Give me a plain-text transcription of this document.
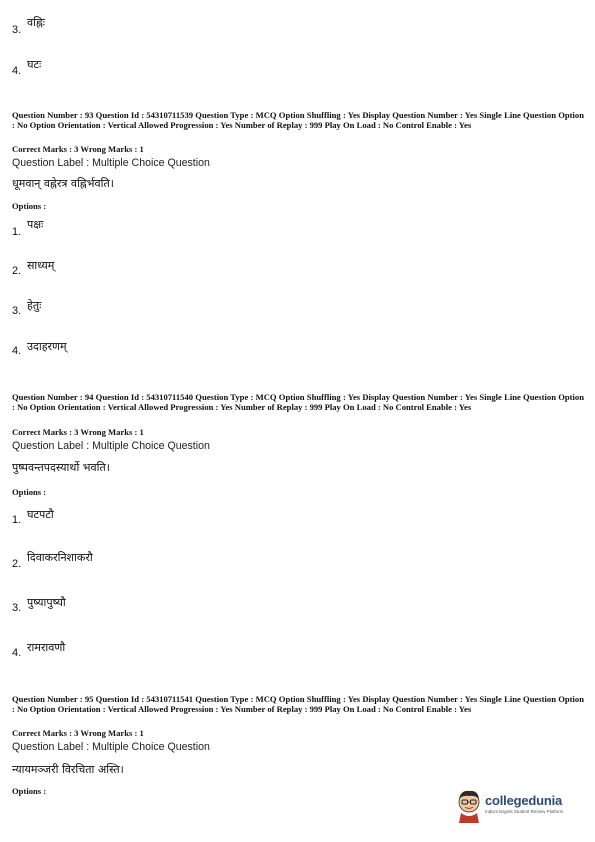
3.
वह्निः
4. घटः
Question Number : 93 Question Id : 54310711539 Question Type : MCQ Option Shuffling : Yes Display Question Number : Yes Single Line Question Option : No Option Orientation : Vertical Allowed Progression : Yes Number of Replay : 999 Play On Load : No Control Enable : Yes
Correct Marks : 3 Wrong Marks : 1
Question Label : Multiple Choice Question
धूमवान् वह्नेरत्र वह्निर्भवति।
Options :
1.
पक्षः
2. साध्यम्
3. हेतुः
4. उदाहरणम्
Question Number : 94 Question Id : 54310711540 Question Type : MCQ Option Shuffling : Yes Display Question Number : Yes Single Line Question Option : No Option Orientation : Vertical Allowed Progression : Yes Number of Replay : 999 Play On Load : No Control Enable : Yes
Correct Marks : 3 Wrong Marks : 1
Question Label : Multiple Choice Question
पुष्पवन्तपदस्यार्थो भवति।
Options :
1. घटपटौ
2. दिवाकरनिशाकरौ
3. पुष्यापुष्यौ
4. रामरावणौ
Question Number : 95 Question Id : 54310711541 Question Type : MCQ Option Shuffling : Yes Display Question Number : Yes Single Line Question Option : No Option Orientation : Vertical Allowed Progression : Yes Number of Replay : 999 Play On Load : No Control Enable : Yes
Correct Marks : 3 Wrong Marks : 1
Question Label : Multiple Choice Question
न्यायमञ्जरी विरचिता अस्ति।
Options :
collegedunia
India's largest Student Review Platform
